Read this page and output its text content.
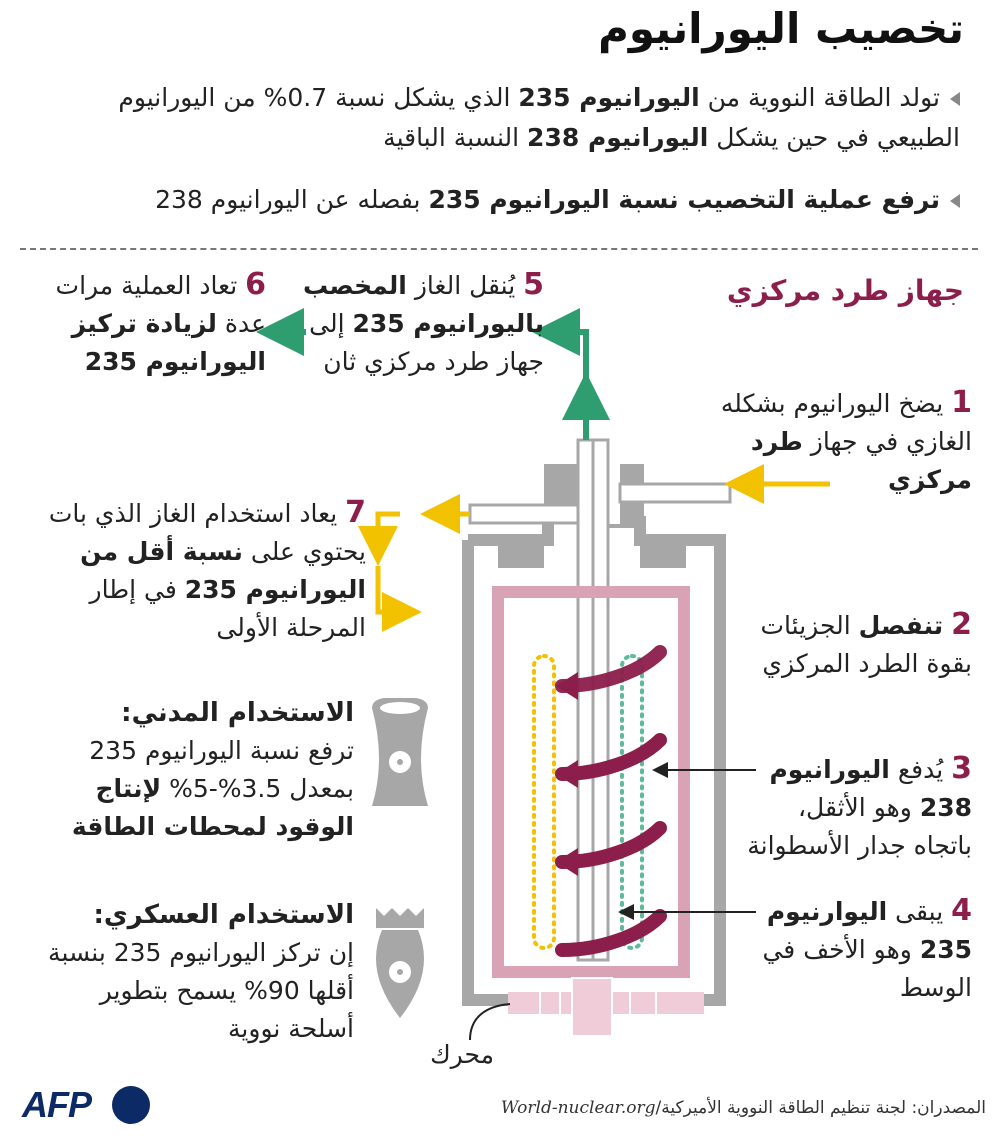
تخصيب اليورانيوم
تولد الطاقة النووية من اليورانيوم 235 الذي يشكل نسبة 0.7% من اليورانيوم الطبيعي في حين يشكل اليورانيوم 238 النسبة الباقية
ترفع عملية التخصيب نسبة اليورانيوم 235 بفصله عن اليورانيوم 238
جهاز طرد مركزي
1 يضخ اليورانيوم بشكله الغازي في جهاز طرد مركزي
2 تنفصل الجزيئات بقوة الطرد المركزي
3 يُدفع اليورانيوم 238 وهو الأثقل، باتجاه جدار الأسطوانة
4 يبقى اليوارنيوم 235 وهو الأخف في الوسط
5 يُنقل الغاز المخصب باليورانيوم 235 إلى جهاز طرد مركزي ثان
6 تعاد العملية مرات عدة لزيادة تركيز اليورانيوم 235
7 يعاد استخدام الغاز الذي بات يحتوي على نسبة أقل من اليورانيوم 235 في إطار المرحلة الأولى
الاستخدام المدني:
ترفع نسبة اليورانيوم 235 بمعدل 3.5%-5% لإنتاج الوقود لمحطات الطاقة
الاستخدام العسكري:
إن تركز اليورانيوم 235 بنسبة أقلها 90% يسمح بتطوير أسلحة نووية
محرك
المصدران: لجنة تنظيم الطاقة النووية الأميركية/World-nuclear.org
AFP
